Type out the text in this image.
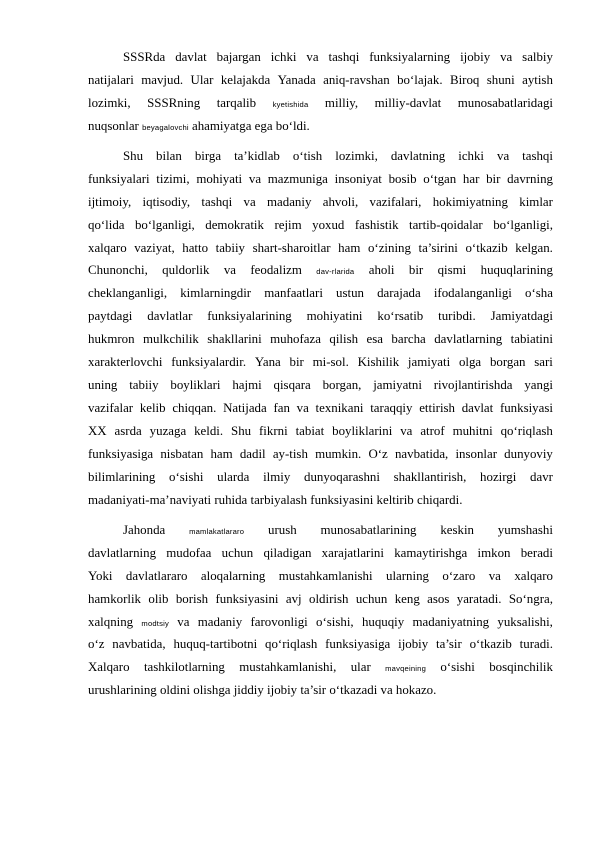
SSSRda davlat bajargan ichki va tashqi funksiyalarning ijobiy va salbiy
natijalari mavjud. Ular kelajakda Yanada aniq-ravshan bo‘lajak. Biroq shuni aytish
lozimki, SSSRning tarqalib kyetishida milliy, milliy-davlat munosabatlaridagi
nuqsonlar beyagalovchi ahamiyatga ega bo‘ldi.
Shu bilan birga ta’kidlab o‘tish lozimki, davlatning ichki va tashqi
funksiyalari tizimi, mohiyati va mazmuniga insoniyat bosib o‘tgan har bir davrning
ijtimoiy, iqtisodiy, tashqi va madaniy ahvoli, vazifalari, hokimiyatning kimlar
qo‘lida bo‘lganligi, demokratik rejim yoxud fashistik tartib-qoidalar bo‘lganligi,
xalqaro vaziyat, hatto tabiiy shart-sharoitlar ham o‘zining ta’sirini o‘tkazib kelgan.
Chunonchi, quldorlik va feodalizm dav-rlarida aholi bir qismi huquqlarining
cheklanganligi, kimlarningdir manfaatlari ustun darajada ifodalanganligi o‘sha
paytdagi davlatlar funksiyalarining mohiyatini ko‘rsatib turibdi. Jamiyatdagi
hukmron mulkchilik shakllarini muhofaza qilish esa barcha davlatlarning tabiatini
xarakterlovchi funksiyalardir. Yana bir mi-sol. Kishilik jamiyati olga borgan sari
uning tabiiy boyliklari hajmi qisqara borgan, jamiyatni rivojlantirishda yangi
vazifalar kelib chiqqan. Natijada fan va texnikani taraqqiy ettirish davlat funksiyasi
XX asrda yuzaga keldi. Shu fikrni tabiat boyliklarini va atrof muhitni qo‘riqlash
funksiyasiga nisbatan ham dadil ay-tish mumkin. O‘z navbatida, insonlar dunyoviy
bilimlarining o‘sishi ularda ilmiy dunyoqarashni shakllantirish, hozirgi davr
madaniyati-ma’naviyati ruhida tarbiyalash funksiyasini keltirib chiqardi.
Jahonda	mamlakatlararo urush munosabatlarining keskin yumshashi
davlatlarning mudofaa uchun qiladigan xarajatlarini kamaytirishga imkon beradi
Yoki davlatlararo aloqalarning mustahkamlanishi ularning o‘zaro va xalqaro
hamkorlik olib borish funksiyasini avj oldirish uchun keng asos yaratadi. So‘ngra,
xalqning modtsiy va madaniy farovonligi o‘sishi, huquqiy madaniyatning yuksalishi,
o‘z navbatida, huquq-tartibotni qo‘riqlash funksiyasiga ijobiy ta’sir o‘tkazib turadi.
Xalqaro tashkilotlarning mustahkamlanishi, ular mavqeining o‘sishi bosqinchilik
urushlarining oldini olishga jiddiy ijobiy ta’sir o‘tkazadi va hokazo.
